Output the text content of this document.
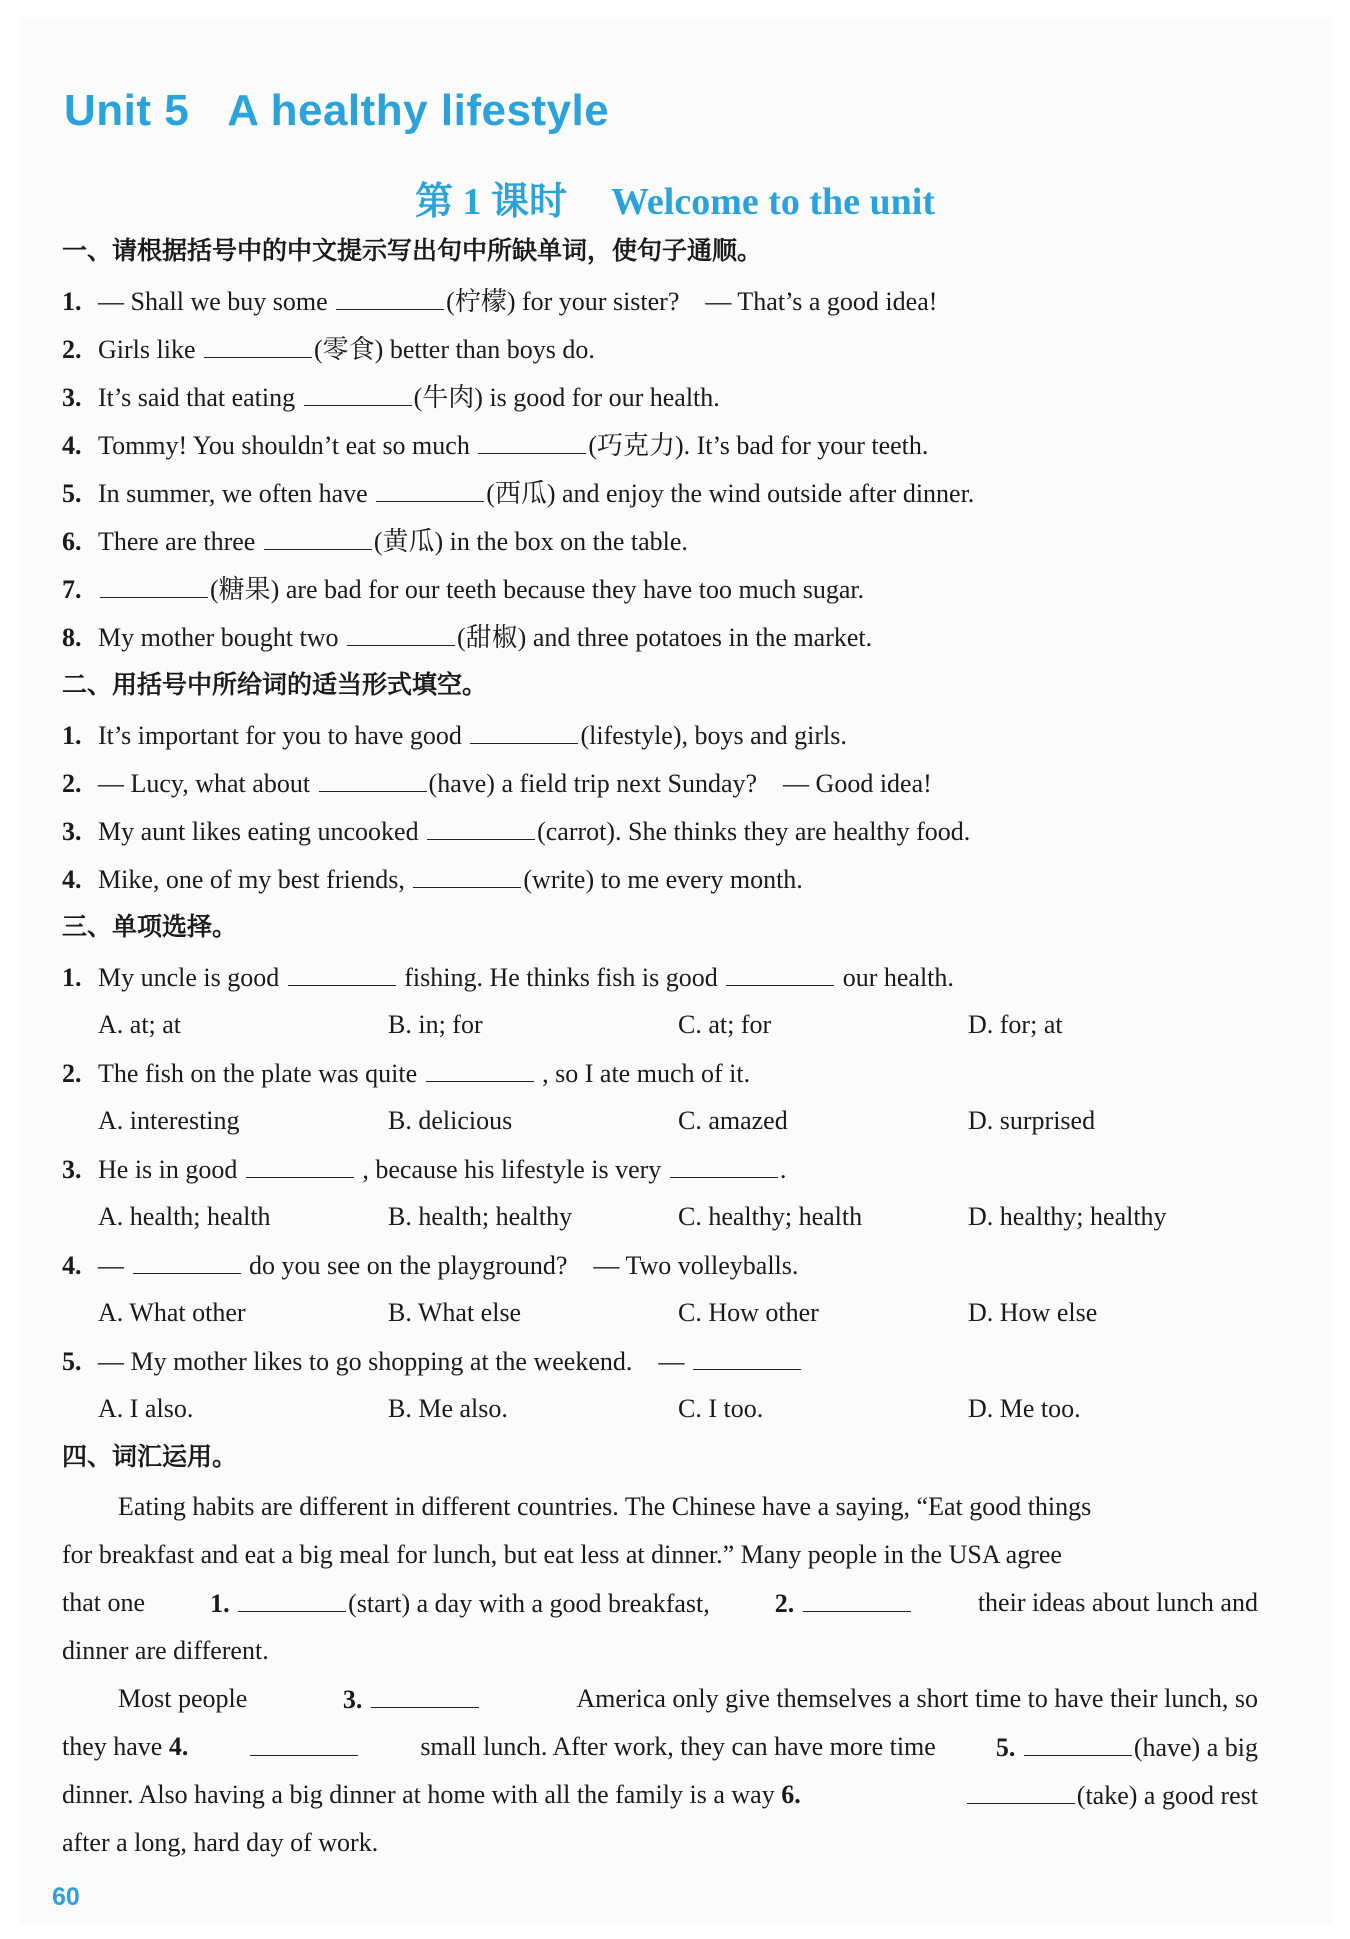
Unit 5 A healthy lifestyle
第 1 课时 Welcome to the unit
一、请根据括号中的中文提示写出句中所缺单词，使句子通顺。
1. — Shall we buy some	(柠檬) for your sister?　— That’s a good idea!
2. Girls like	(零食) better than boys do.
3. It’s said that eating	(牛肉) is good for our health.
4. Tommy! You shouldn’t eat so much	(巧克力). It’s bad for your teeth.
5. In summer, we often have	(西瓜) and enjoy the wind outside after dinner.
6. There are three	(黄瓜) in the box on the table.
7.	(糖果) are bad for our teeth because they have too much sugar.
8. My mother bought two	(甜椒) and three potatoes in the market.
二、用括号中所给词的适当形式填空。
1. It’s important for you to have good	(lifestyle), boys and girls.
2. — Lucy, what about	(have) a field trip next Sunday?　— Good idea!
3. My aunt likes eating uncooked	(carrot). She thinks they are healthy food.
4. Mike, one of my best friends,	(write) to me every month.
三、单项选择。
1. My uncle is good	fishing. He thinks fish is good	our health.
A. at; at	B. in; for	C. at; for	D. for; at
2. The fish on the plate was quite	, so I ate much of it.
A. interesting	B. delicious	C. amazed	D. surprised
3. He is in good	, because his lifestyle is very	.
A. health; health	B. health; healthy	C. healthy; health	D. healthy; healthy
4. —	do you see on the playground?　— Two volleyballs.
A. What other	B. What else	C. How other	D. How else
5. — My mother likes to go shopping at the weekend.　—
A. I also.	B. Me also.	C. I too.	D. Me too.
四、词汇运用。
Eating habits are different in different countries. The Chinese have a saying, “Eat good things
for breakfast and eat a big meal for lunch, but eat less at dinner.” Many people in the USA agree
that one	1.	(start) a day with a good breakfast,	2.	their ideas about lunch and
dinner are different.
Most people	3.	America only give themselves a short time to have their lunch, so
they have 4.	small lunch. After work, they can have more time 5.	(have) a big
dinner. Also having a big dinner at home with all the family is a way 6.	(take) a good rest
after a long, hard day of work.
60
